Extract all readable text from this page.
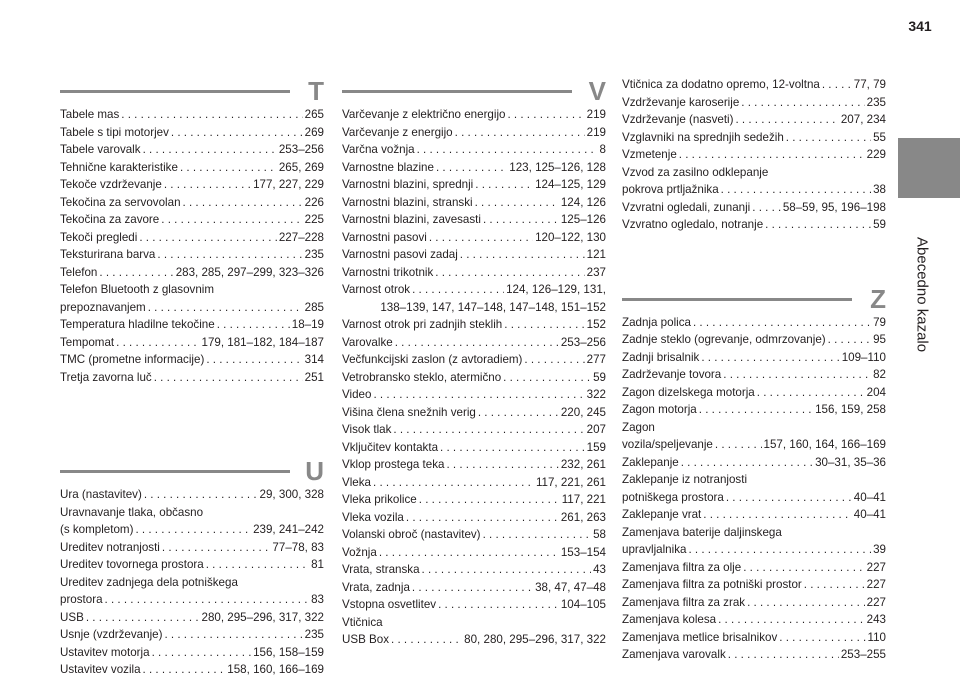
341
Abecedno kazalo
T
Tabele mas . . .	265
Tabele s tipi motorjev . . .	269
Tabele varovalk . . .	253–256
Tehnične karakteristike . . .	265, 269
Tekoče vzdrževanje . . .	177, 227, 229
Tekočina za servovolan . . .	226
Tekočina za zavore . . .	225
Tekoči pregledi . . .	227–228
Teksturirana barva . . .	235
Telefon . . .	283, 285, 297–299, 323–326
Telefon Bluetooth z glasovnim
prepoznavanjem . . .	285
Temperatura hladilne tekočine . . .	18–19
Tempomat . . .	179, 181–182, 184–187
TMC (prometne informacije) . . .	314
Tretja zavorna luč . . .	251
U
Ura (nastavitev) . . .	29, 300, 328
Uravnavanje tlaka, občasno
(s kompletom) . . .	239, 241–242
Ureditev notranjosti . . .	77–78, 83
Ureditev tovornega prostora . . .	81
Ureditev zadnjega dela potniškega
prostora . . .	83
USB . . .	280, 295–296, 317, 322
Usnje (vzdrževanje) . . .	235
Ustavitev motorja . . .	156, 158–159
Ustavitev vozila . . .	158, 160, 166–169
V
Varčevanje z električno energijo . . .	219
Varčevanje z energijo . . .	219
Varčna vožnja . . .	8
Varnostne blazine . . .	123, 125–126, 128
Varnostni blazini, sprednji . . .	124–125, 129
Varnostni blazini, stranski . . .	124, 126
Varnostni blazini, zavesasti . . .	125–126
Varnostni pasovi . . .	120–122, 130
Varnostni pasovi zadaj . . .	121
Varnostni trikotnik . . .	237
Varnost otrok . . .	124, 126–129, 131,
138–139, 147, 147–148, 147–148, 151–152
Varnost otrok pri zadnjih steklih . . .	152
Varovalke . . .	253–256
Večfunkcijski zaslon (z avtoradiem) . . .	277
Vetrobransko steklo, atermično . . .	59
Video . . .	322
Višina člena snežnih verig . . .	220, 245
Visok tlak . . .	207
Vključitev kontakta . . .	159
Vklop prostega teka . . .	232, 261
Vleka . . .	117, 221, 261
Vleka prikolice . . .	117, 221
Vleka vozila . . .	261, 263
Volanski obroč (nastavitev) . . .	58
Vožnja . . .	153–154
Vrata, stranska . . .	43
Vrata, zadnja . . .	38, 47, 47–48
Vstopna osvetlitev . . .	104–105
Vtičnica
USB Box . . .	80, 280, 295–296, 317, 322
Vtičnica za dodatno opremo, 12-voltna . . .	77, 79
Vzdrževanje karoserije . . .	235
Vzdrževanje (nasveti) . . .	207, 234
Vzglavniki na sprednjih sedežih . . .	55
Vzmetenje . . .	229
Vzvod za zasilno odklepanje
pokrova prtljažnika . . .	38
Vzvratni ogledali, zunanji . . .	58–59, 95, 196–198
Vzvratno ogledalo, notranje . . .	59
Z
Zadnja polica . . .	79
Zadnje steklo (ogrevanje, odmrzovanje) . . .	95
Zadnji brisalnik . . .	109–110
Zadrževanje tovora . . .	82
Zagon dizelskega motorja . . .	204
Zagon motorja . . .	156, 159, 258
Zagon
vozila/speljevanje . . .	157, 160, 164, 166–169
Zaklepanje . . .	30–31, 35–36
Zaklepanje iz notranjosti
potniškega prostora . . .	40–41
Zaklepanje vrat . . .	40–41
Zamenjava baterije daljinskega
upravljalnika . . .	39
Zamenjava filtra za olje . . .	227
Zamenjava filtra za potniški prostor . . .	227
Zamenjava filtra za zrak . . .	227
Zamenjava kolesa . . .	243
Zamenjava metlice brisalnikov . . .	110
Zamenjava varovalk . . .	253–255
